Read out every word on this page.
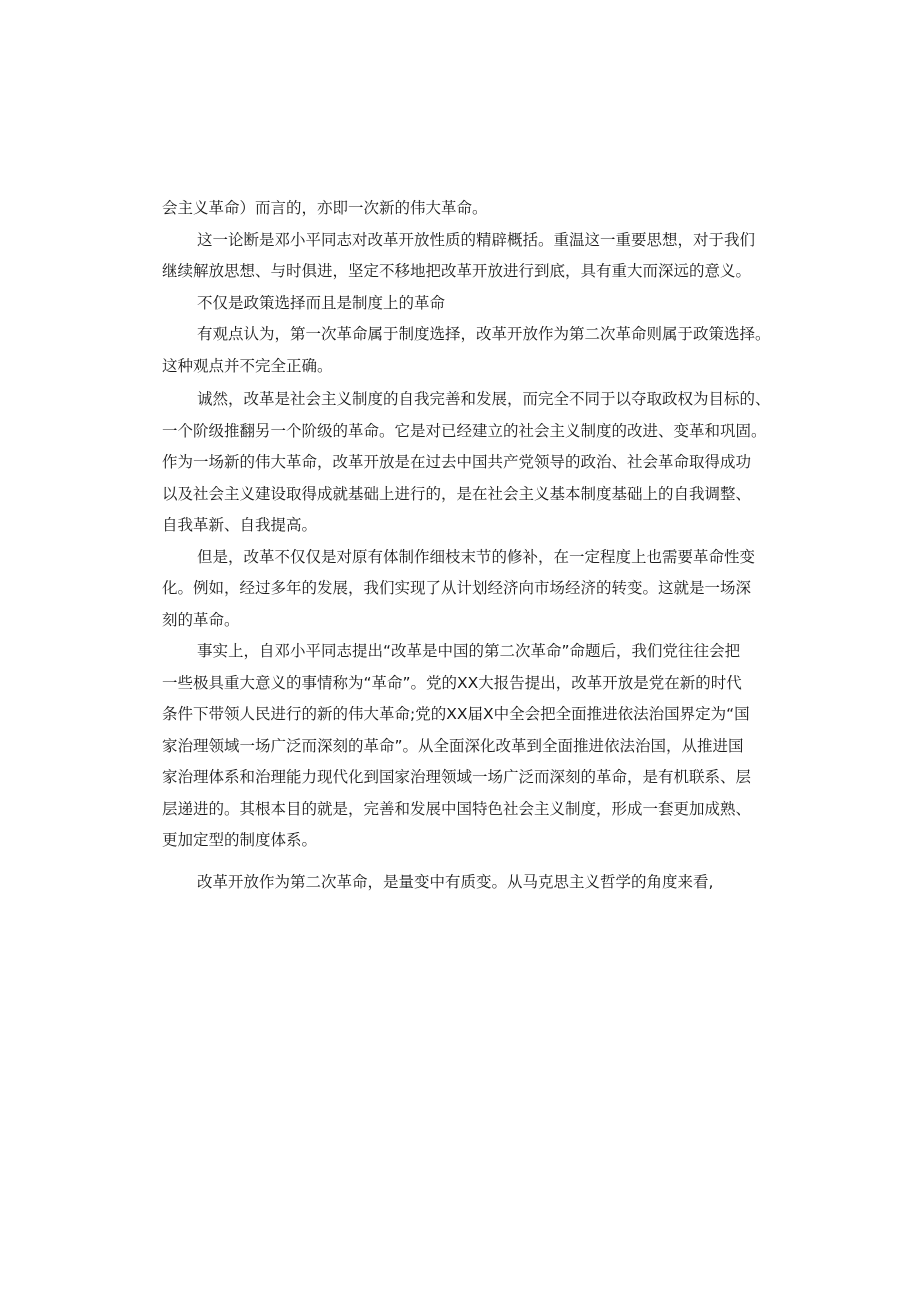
会主义革命）而言的，亦即一次新的伟大革命。
这一论断是邓小平同志对改革开放性质的精辟概括。重温这一重要思想，对于我们
继续解放思想、与时俱进，坚定不移地把改革开放进行到底，具有重大而深远的意义。
不仅是政策选择而且是制度上的革命
有观点认为，第一次革命属于制度选择，改革开放作为第二次革命则属于政策选择。
这种观点并不完全正确。
诚然，改革是社会主义制度的自我完善和发展，而完全不同于以夺取政权为目标的、
一个阶级推翻另一个阶级的革命。它是对已经建立的社会主义制度的改进、变革和巩固。
作为一场新的伟大革命，改革开放是在过去中国共产党领导的政治、社会革命取得成功
以及社会主义建设取得成就基础上进行的，是在社会主义基本制度基础上的自我调整、
自我革新、自我提高。
但是，改革不仅仅是对原有体制作细枝末节的修补，在一定程度上也需要革命性变
化。例如，经过多年的发展，我们实现了从计划经济向市场经济的转变。这就是一场深
刻的革命。
事实上，自邓小平同志提出“改革是中国的第二次革命”命题后，我们党往往会把
一些极具重大意义的事情称为“革命”。党的XX大报告提出，改革开放是党在新的时代
条件下带领人民进行的新的伟大革命;党的XX届X中全会把全面推进依法治国界定为“国
家治理领域一场广泛而深刻的革命”。从全面深化改革到全面推进依法治国，从推进国
家治理体系和治理能力现代化到国家治理领域一场广泛而深刻的革命，是有机联系、层
层递进的。其根本目的就是，完善和发展中国特色社会主义制度，形成一套更加成熟、
更加定型的制度体系。
改革开放作为第二次革命，是量变中有质变。从马克思主义哲学的角度来看,
